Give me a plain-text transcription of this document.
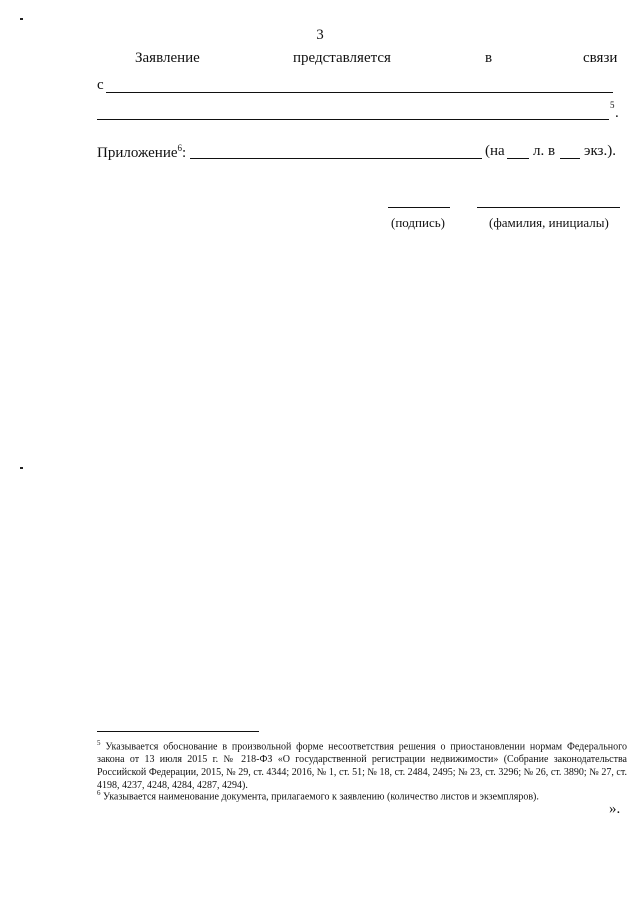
3
Заявление	представляется	в	связи
с
5 .
Приложение$^6$:	(на л. в экз.).
(подпись)	(фамилия, инициалы)
$^5$ Указывается обоснование в произвольной форме несоответствия решения о приостановлении нормам Федерального закона от 13 июля 2015 г. № 218-ФЗ «О государственной регистрации недвижимости» (Собрание законодательства Российской Федерации, 2015, № 29, ст. 4344; 2016, № 1, ст. 51; № 18, ст. 2484, 2495; № 23, ст. 3296; № 26, ст. 3890; № 27, ст. 4198, 4237, 4248, 4284, 4287, 4294).
$^6$ Указывается наименование документа, прилагаемого к заявлению (количество листов и экземпляров).
».
